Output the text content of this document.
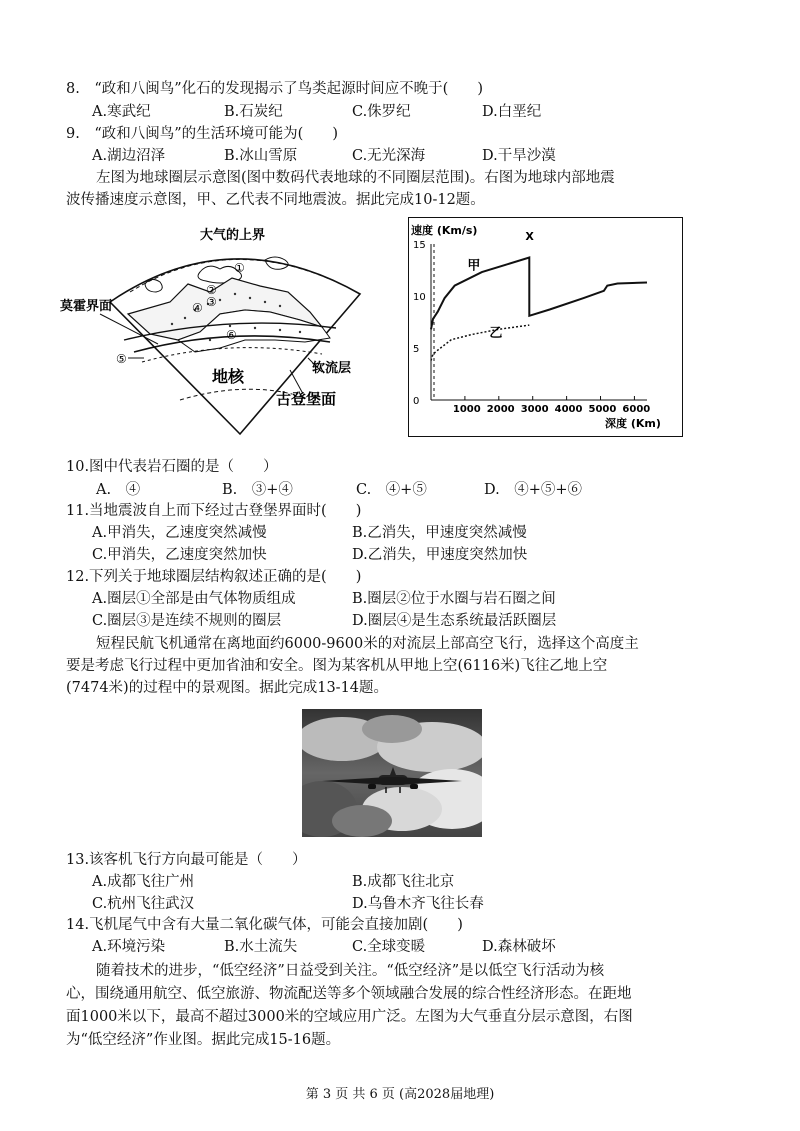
8.　“政和八闽鸟”化石的发现揭示了鸟类起源时间应不晚于(　　)
A.寒武纪	B.石炭纪	C.侏罗纪	D.白垩纪
9.　“政和八闽鸟”的生活环境可能为(　　)
A.湖边沼泽	B.冰山雪原	C.无光深海	D.干旱沙漠
左图为地球圈层示意图(图中数码代表地球的不同圈层范围)。右图为地球内部地震
波传播速度示意图，甲、乙代表不同地震波。据此完成10-12题。
大气的上界
莫霍界面
软流层
古登堡面
地核
①
②
③
④
⑤
⑥
速度 (Km/s)
深度 (Km)
0
5
10
15
1000 2000 3000 4000 5000 6000
甲
乙
X
10.图中代表岩石圈的是（　　）
A.　④	B.　③+④	C.　④+⑤	D.　④+⑤+⑥
11.当地震波自上而下经过古登堡界面时(　　)
A.甲消失，乙速度突然减慢	B.乙消失，甲速度突然减慢
C.甲消失，乙速度突然加快	D.乙消失，甲速度突然加快
12.下列关于地球圈层结构叙述正确的是(　　)
A.圈层①全部是由气体物质组成	B.圈层②位于水圈与岩石圈之间
C.圈层③是连续不规则的圈层	D.圈层④是生态系统最活跃圈层
短程民航飞机通常在离地面约6000-9600米的对流层上部高空飞行，选择这个高度主
要是考虑飞行过程中更加省油和安全。图为某客机从甲地上空(6116米)飞往乙地上空
(7474米)的过程中的景观图。据此完成13-14题。
13.该客机飞行方向最可能是（　　）
A.成都飞往广州	B.成都飞往北京
C.杭州飞往武汉	D.乌鲁木齐飞往长春
14.飞机尾气中含有大量二氧化碳气体，可能会直接加剧(　　)
A.环境污染	B.水土流失	C.全球变暖	D.森林破坏
随着技术的进步，“低空经济”日益受到关注。“低空经济”是以低空飞行活动为核
心，围绕通用航空、低空旅游、物流配送等多个领域融合发展的综合性经济形态。在距地
面1000米以下，最高不超过3000米的空域应用广泛。左图为大气垂直分层示意图，右图
为“低空经济”作业图。据此完成15-16题。
第 3 页 共 6 页 (高2028届地理)
